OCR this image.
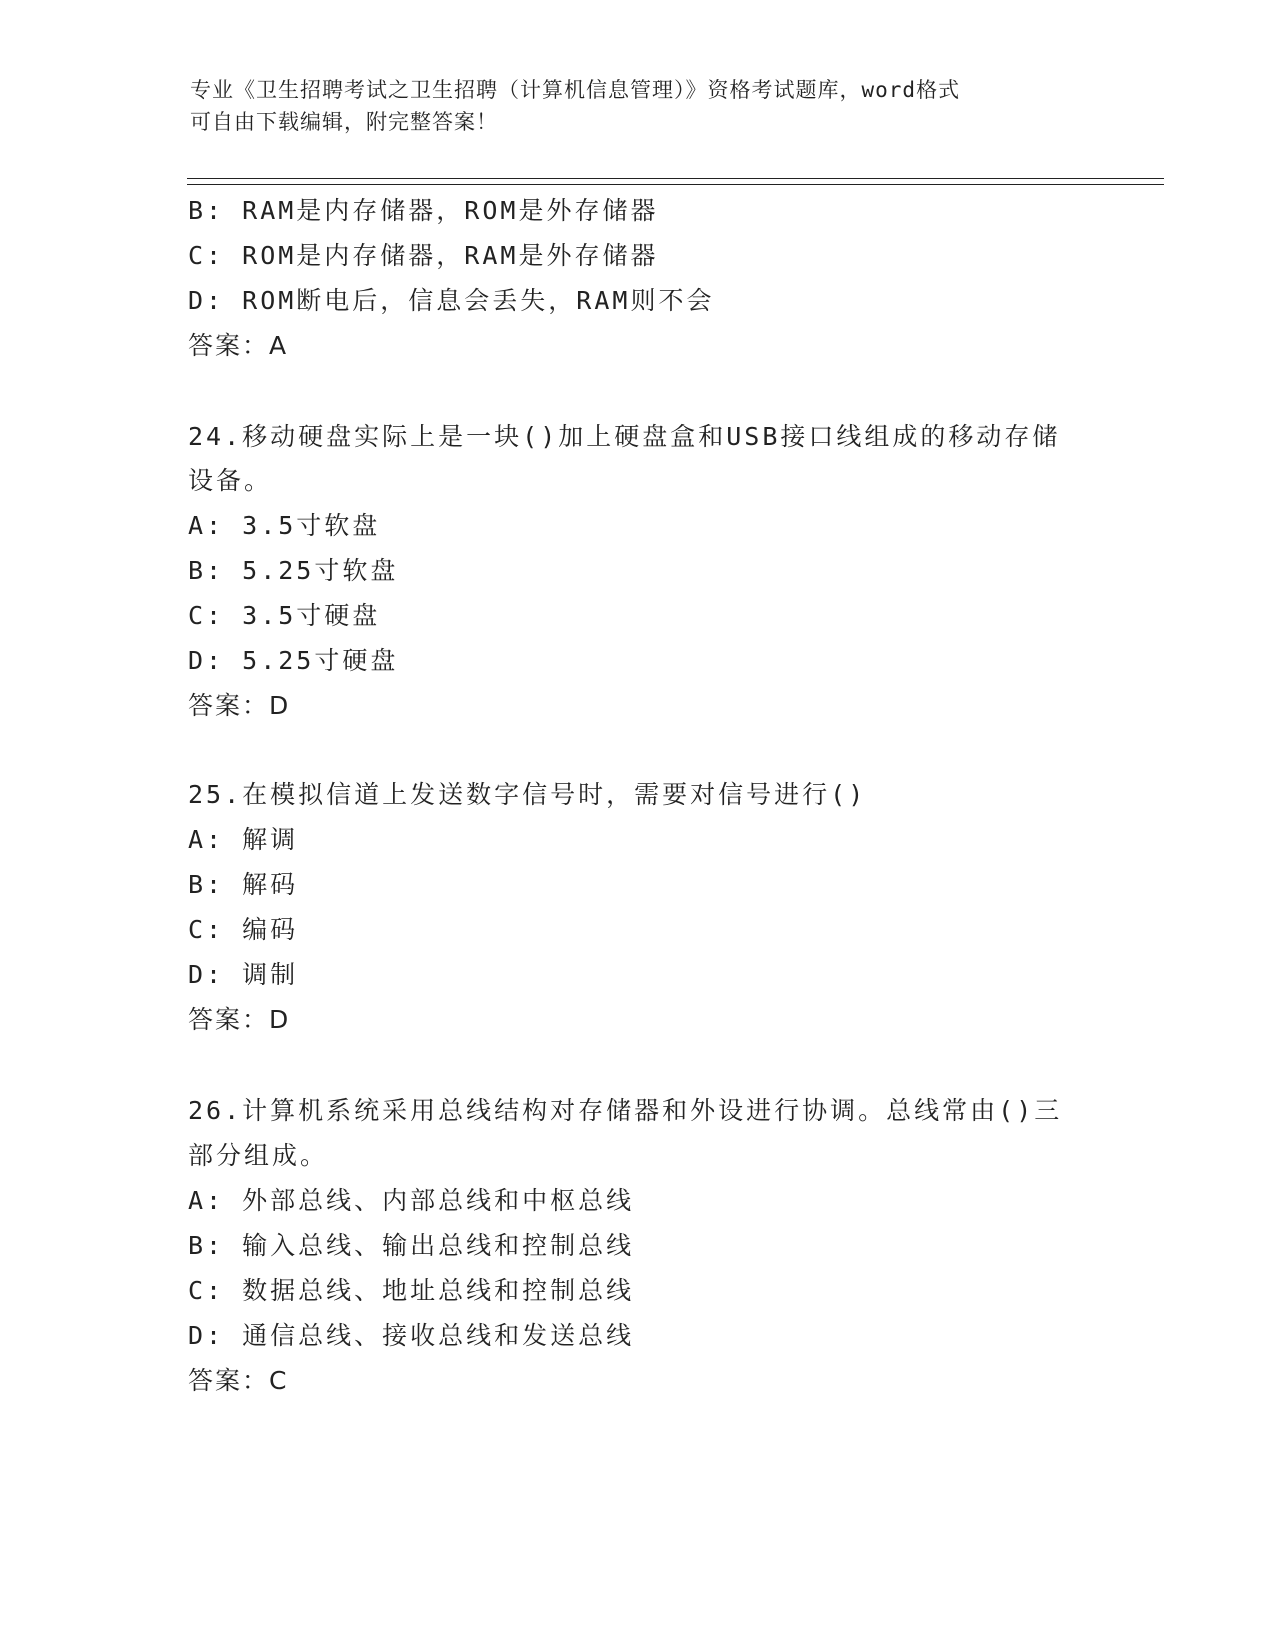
专业《卫生招聘考试之卫生招聘（计算机信息管理）》资格考试题库，word格式
可自由下载编辑，附完整答案！
B: RAM是内存储器，ROM是外存储器
C: ROM是内存储器，RAM是外存储器
D: ROM断电后，信息会丢失，RAM则不会
答案：A
24.移动硬盘实际上是一块()加上硬盘盒和USB接口线组成的移动存储
设备。
A: 3.5寸软盘
B: 5.25寸软盘
C: 3.5寸硬盘
D: 5.25寸硬盘
答案：D
25.在模拟信道上发送数字信号时，需要对信号进行()
A: 解调
B: 解码
C: 编码
D: 调制
答案：D
26.计算机系统采用总线结构对存储器和外设进行协调。总线常由()三
部分组成。
A: 外部总线、内部总线和中枢总线
B: 输入总线、输出总线和控制总线
C: 数据总线、地址总线和控制总线
D: 通信总线、接收总线和发送总线
答案：C
